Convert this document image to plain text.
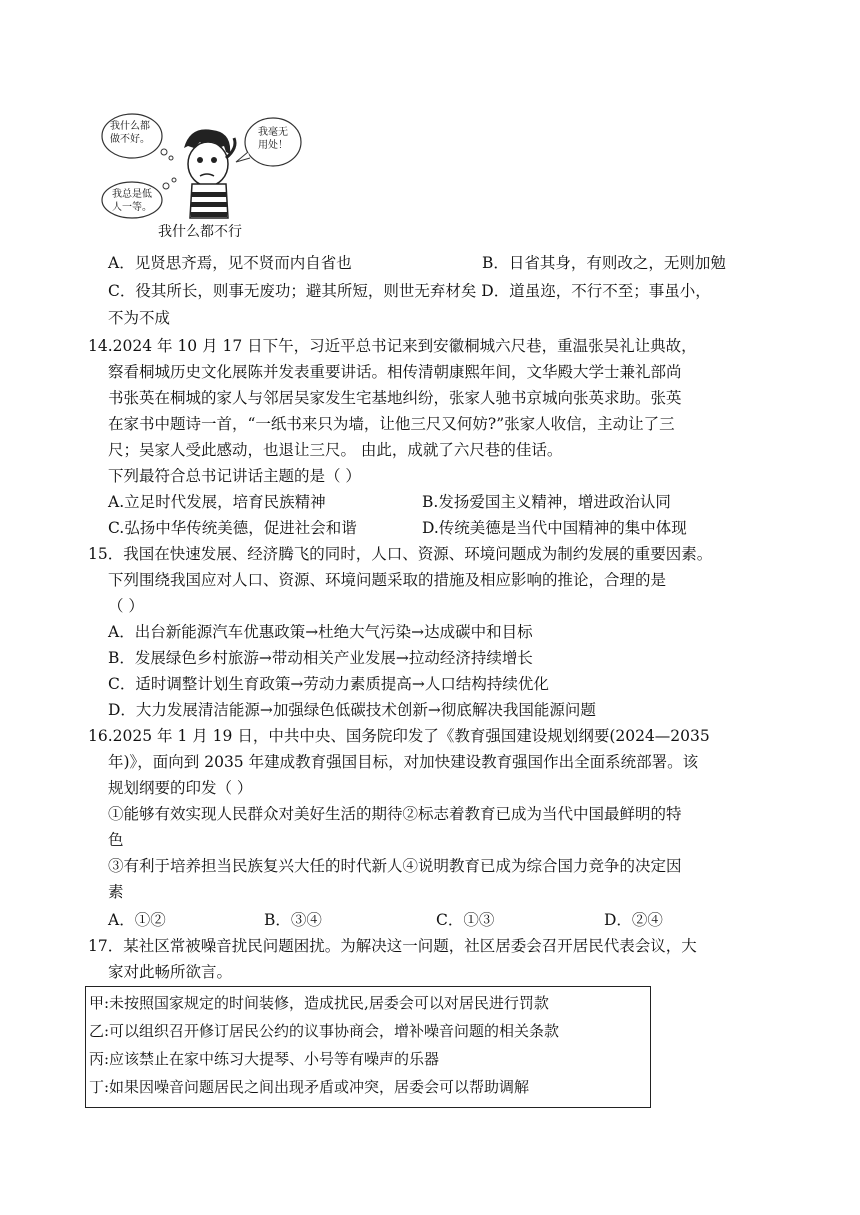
我什么都
做不好。
我毫无
用处！
我总是低
人一等。
我什么都不行
A．见贤思齐焉，见不贤而内自省也	B．日省其身，有则改之，无则加勉
C．役其所长，则事无废功；避其所短，则世无弃材矣 D．道虽迩，不行不至；事虽小，
不为不成
14.2024 年 10 月 17 日下午，习近平总书记来到安徽桐城六尺巷，重温张吴礼让典故，
察看桐城历史文化展陈并发表重要讲话。相传清朝康熙年间，文华殿大学士兼礼部尚
书张英在桐城的家人与邻居吴家发生宅基地纠纷，张家人驰书京城向张英求助。张英
在家书中题诗一首，“一纸书来只为墙，让他三尺又何妨?”张家人收信，主动让了三
尺；吴家人受此感动，也退让三尺。 由此，成就了六尺巷的佳话。
下列最符合总书记讲话主题的是（ ）
A.立足时代发展，培育民族精神	B.发扬爱国主义精神，增进政治认同
C.弘扬中华传统美德，促进社会和谐	D.传统美德是当代中国精神的集中体现
15．我国在快速发展、经济腾飞的同时，人口、资源、环境问题成为制约发展的重要因素。
下列围绕我国应对人口、资源、环境问题采取的措施及相应影响的推论，合理的是
（ ）
A．出台新能源汽车优惠政策→杜绝大气污染→达成碳中和目标
B．发展绿色乡村旅游→带动相关产业发展→拉动经济持续增长
C．适时调整计划生育政策→劳动力素质提高→人口结构持续优化
D．大力发展清洁能源→加强绿色低碳技术创新→彻底解决我国能源问题
16.2025 年 1 月 19 日，中共中央、国务院印发了《教育强国建设规划纲要(2024—2035
年)》，面向到 2035 年建成教育强国目标，对加快建设教育强国作出全面系统部署。该
规划纲要的印发（ ）
①能够有效实现人民群众对美好生活的期待②标志着教育已成为当代中国最鲜明的特
色
③有利于培养担当民族复兴大任的时代新人④说明教育已成为综合国力竞争的决定因
素
A．①②	B．③④	C．①③	D．②④
17．某社区常被噪音扰民问题困扰。为解决这一问题，社区居委会召开居民代表会议，大
家对此畅所欲言。
甲:未按照国家规定的时间装修，造成扰民,居委会可以对居民进行罚款
乙:可以组织召开修订居民公约的议事协商会，增补噪音问题的相关条款
丙:应该禁止在家中练习大提琴、小号等有噪声的乐器
丁:如果因噪音问题居民之间出现矛盾或冲突，居委会可以帮助调解
